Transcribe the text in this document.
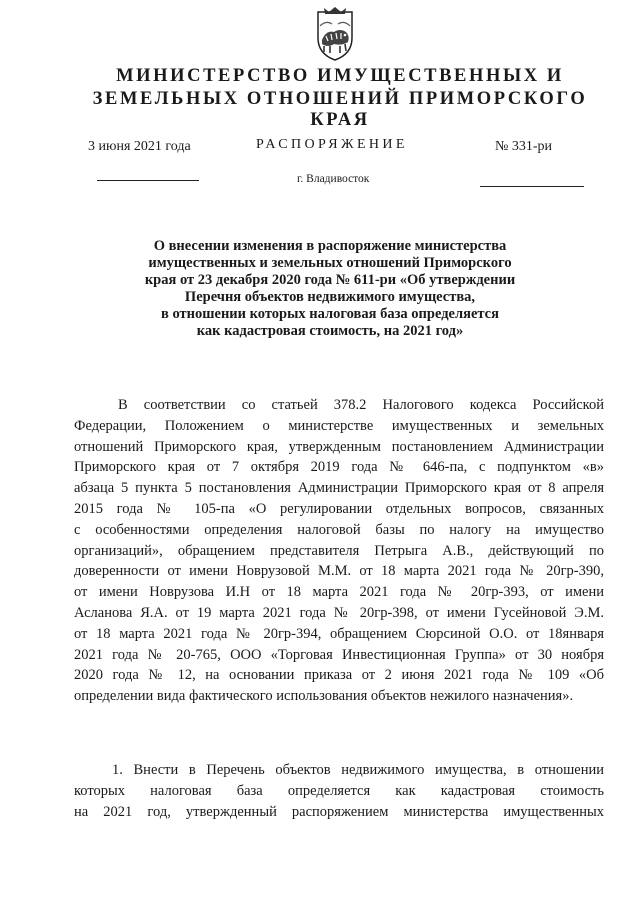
МИНИСТЕРСТВО ИМУЩЕСТВЕННЫХ И
ЗЕМЕЛЬНЫХ ОТНОШЕНИЙ ПРИМОРСКОГО КРАЯ
3 июня 2021 года	РАСПОРЯЖЕНИЕ	№ 331-ри
г. Владивосток
О внесении изменения в распоряжение министерства
имущественных и земельных отношений Приморского
края от 23 декабря 2020 года № 611-ри «Об утверждении
Перечня объектов недвижимого имущества,
в отношении которых налоговая база определяется
как кадастровая стоимость, на 2021 год»
В соответствии со статьей 378.2 Налогового кодекса Российской
Федерации, Положением о министерстве имущественных и земельных
отношений Приморского края, утвержденным постановлением Администрации
Приморского края от 7 октября 2019 года № 646-па, с подпунктом «в»
абзаца 5 пункта 5 постановления Администрации Приморского края от 8 апреля
2015 года № 105-па «О регулировании отдельных вопросов, связанных
с особенностями определения налоговой базы по налогу на имущество
организаций», обращением представителя Петрыга А.В., действующий по
доверенности от имени Новрузовой М.М. от 18 марта 2021 года № 20гр-390,
от имени Новрузова И.Н от 18 марта 2021 года № 20гр-393, от имени
Асланова Я.А. от 19 марта 2021 года № 20гр-398, от имени Гусейновой Э.М.
от 18 марта 2021 года № 20гр-394, обращением Сюрсиной О.О. от 18января
2021 года № 20-765, ООО «Торговая Инвестиционная Группа» от 30 ноября
2020 года № 12, на основании приказа от 2 июня 2021 года № 109 «Об
определении вида фактического использования объектов нежилого назначения».
1. Внести в Перечень объектов недвижимого имущества, в отношении
которых налоговая база определяется как кадастровая стоимость
на 2021 год, утвержденный распоряжением министерства имущественных
